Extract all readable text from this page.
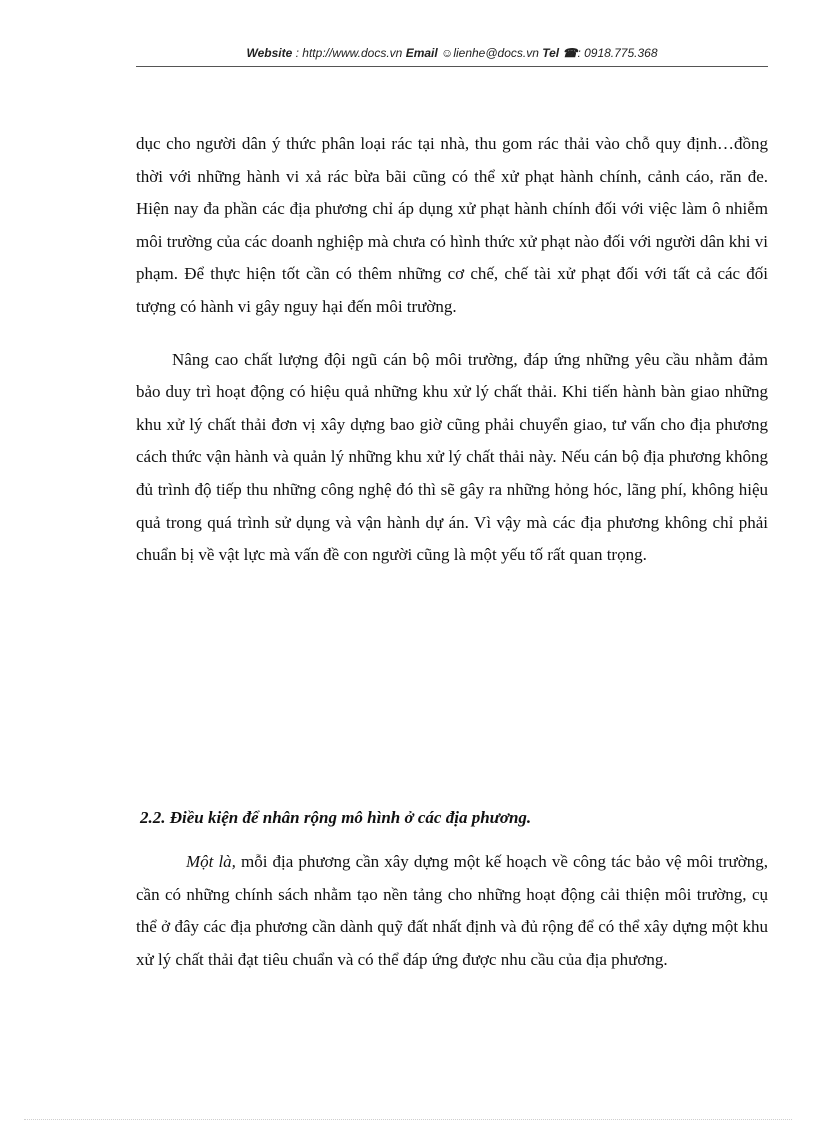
Website : http://www.docs.vn Email ☺lienhe@docs.vn Tel ☎: 0918.775.368

dục cho người dân ý thức phân loại rác tại nhà, thu gom rác thải vào chỗ quy định…đồng thời với những hành vi xả rác bừa bãi cũng có thể xử phạt hành chính, cảnh cáo, răn đe. Hiện nay đa phần các địa phương chỉ áp dụng xử phạt hành chính đối với việc làm ô nhiễm môi trường của các doanh nghiệp mà chưa có hình thức xử phạt nào đối với người dân khi vi phạm. Để thực hiện tốt cần có thêm những cơ chế, chế tài xử phạt đối với tất cả các đối tượng có hành vi gây nguy hại đến môi trường.

Nâng cao chất lượng đội ngũ cán bộ môi trường, đáp ứng những yêu cầu nhằm đảm bảo duy trì hoạt động có hiệu quả những khu xử lý chất thải. Khi tiến hành bàn giao những khu xử lý chất thải đơn vị xây dựng bao giờ cũng phải chuyển giao, tư vấn cho địa phương cách thức vận hành và quản lý những khu xử lý chất thải này. Nếu cán bộ địa phương không đủ trình độ tiếp thu những công nghệ đó thì sẽ gây ra những hỏng hóc, lãng phí, không hiệu quả trong quá trình sử dụng và vận hành dự án. Vì vậy mà các địa phương không chỉ phải chuẩn bị về vật lực mà vấn đề con người cũng là một yếu tố rất quan trọng.

2.2. Điều kiện để nhân rộng mô hình ở các địa phương.

Một là, mỗi địa phương cần xây dựng một kế hoạch về công tác bảo vệ môi trường, cần có những chính sách nhằm tạo nền tảng cho những hoạt động cải thiện môi trường, cụ thể ở đây các địa phương cần dành quỹ đất nhất định và đủ rộng để có thể xây dựng một khu xử lý chất thải đạt tiêu chuẩn và có thể đáp ứng được nhu cầu của địa phương.
